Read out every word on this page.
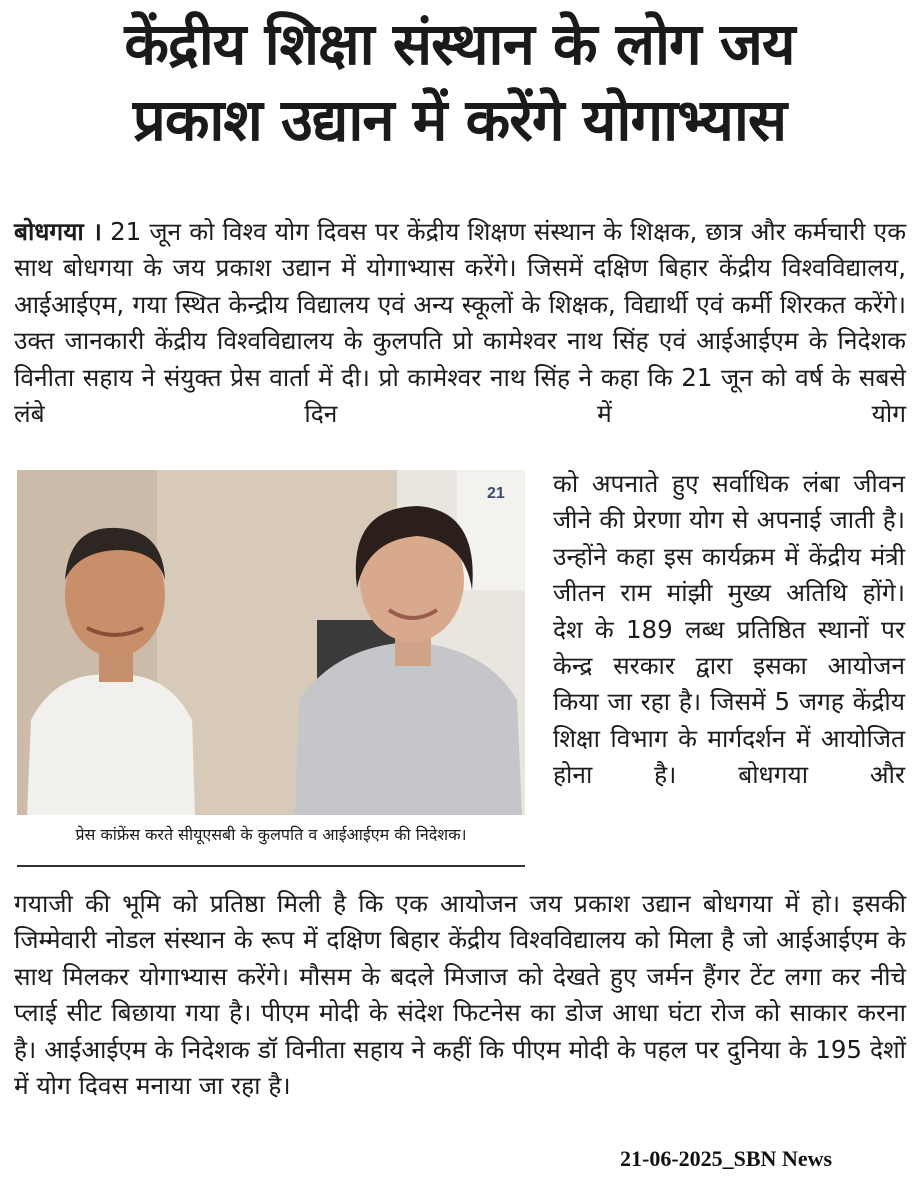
केंद्रीय शिक्षा संस्थान के लोग जय
प्रकाश उद्यान में करेंगे योगाभ्यास

बोधगया । 21 जून को विश्व योग दिवस पर केंद्रीय शिक्षण संस्थान के शिक्षक, छात्र और कर्मचारी एक साथ बोधगया के जय प्रकाश उद्यान में योगाभ्यास करेंगे। जिसमें दक्षिण बिहार केंद्रीय विश्वविद्यालय, आईआईएम, गया स्थित केन्द्रीय विद्यालय एवं अन्य स्कूलों के शिक्षक, विद्यार्थी एवं कर्मी शिरकत करेंगे। उक्त जानकारी केंद्रीय विश्वविद्यालय के कुलपति प्रो कामेश्वर नाथ सिंह एवं आईआईएम के निदेशक विनीता सहाय ने संयुक्त प्रेस वार्ता में दी। प्रो कामेश्वर नाथ सिंह ने कहा कि 21 जून को वर्ष के सबसे लंबे दिन में योग

21

प्रेस कांफ्रेंस करते सीयूएसबी के कुलपति व आईआईएम की निदेशक।

को अपनाते हुए सर्वाधिक लंबा जीवन जीने की प्रेरणा योग से अपनाई जाती है। उन्होंने कहा इस कार्यक्रम में केंद्रीय मंत्री जीतन राम मांझी मुख्य अतिथि होंगे। देश के 189 लब्ध प्रतिष्ठित स्थानों पर केन्द्र सरकार द्वारा इसका आयोजन किया जा रहा है। जिसमें 5 जगह केंद्रीय शिक्षा विभाग के मार्गदर्शन में आयोजित होना है। बोधगया और

गयाजी की भूमि को प्रतिष्ठा मिली है कि एक आयोजन जय प्रकाश उद्यान बोधगया में हो। इसकी जिम्मेवारी नोडल संस्थान के रूप में दक्षिण बिहार केंद्रीय विश्वविद्यालय को मिला है जो आईआईएम के साथ मिलकर योगाभ्यास करेंगे। मौसम के बदले मिजाज को देखते हुए जर्मन हैंगर टेंट लगा कर नीचे प्लाई सीट बिछाया गया है। पीएम मोदी के संदेश फिटनेस का डोज आधा घंटा रोज को साकार करना है। आईआईएम के निदेशक डॉ विनीता सहाय ने कहीं कि पीएम मोदी के पहल पर दुनिया के 195 देशों में योग दिवस मनाया जा रहा है।

21-06-2025_SBN News
